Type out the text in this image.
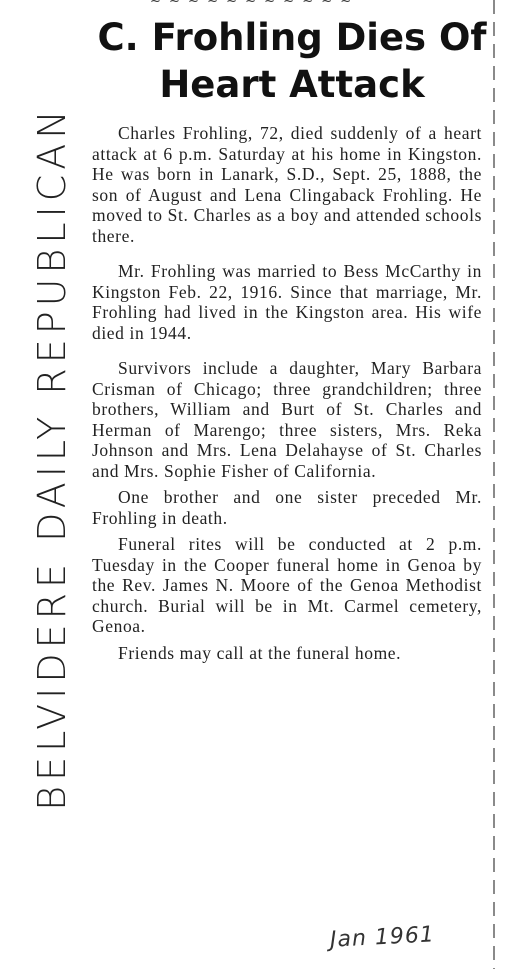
~ ~ ~ ~ ~ ~ ~ ~ ~ ~ ~
BELVIDERE DAILY REPUBLICAN
C. Frohling Dies Of Heart Attack

Charles Frohling, 72, died suddenly of a heart attack at 6 p.m. Saturday at his home in Kingston. He was born in Lanark, S.D., Sept. 25, 1888, the son of August and Lena Clingaback Frohling. He moved to St. Charles as a boy and attended schools there.

Mr. Frohling was married to Bess McCarthy in Kingston Feb. 22, 1916. Since that marriage, Mr. Frohling had lived in the Kingston area. His wife died in 1944.

Survivors include a daughter, Mary Barbara Crisman of Chicago; three grandchildren; three brothers, William and Burt of St. Charles and Herman of Marengo; three sisters, Mrs. Reka Johnson and Mrs. Lena Delahayse of St. Charles and Mrs. Sophie Fisher of California.

One brother and one sister preceded Mr. Frohling in death.

Funeral rites will be conducted at 2 p.m. Tuesday in the Cooper funeral home in Genoa by the Rev. James N. Moore of the Genoa Methodist church. Burial will be in Mt. Carmel cemetery, Genoa.

Friends may call at the funeral home.

Jan 1961
